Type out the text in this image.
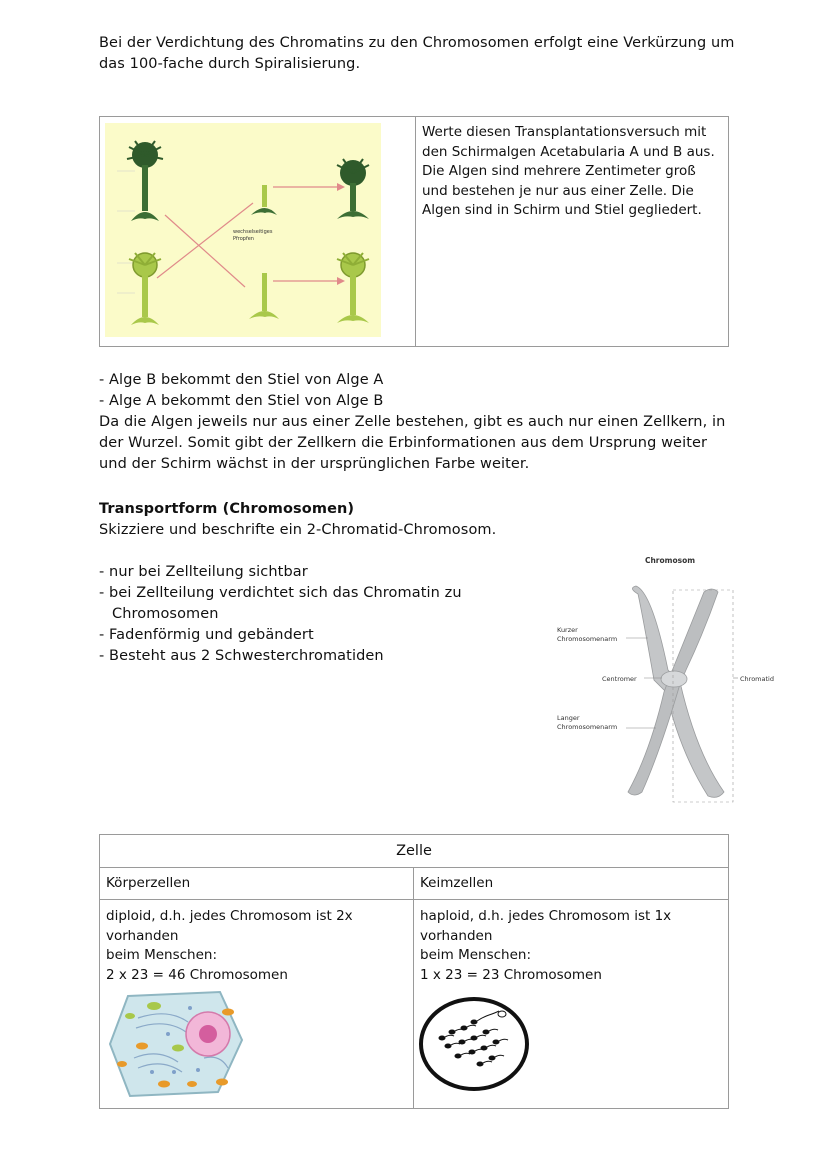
Bei der Verdichtung des Chromatins zu den Chromosomen erfolgt eine Verkürzung um das 100-fache durch Spiralisierung.
wechselseitiges
Pfropfen
Werte diesen Transplantationsversuch mit den Schirmalgen Acetabularia A und B aus. Die Algen sind mehrere Zentimeter groß und bestehen je nur aus einer Zelle. Die Algen sind in Schirm und Stiel gegliedert.
- Alge B bekommt den Stiel von Alge A
- Alge A bekommt den Stiel von Alge B
Da die Algen jeweils nur aus einer Zelle bestehen, gibt es auch nur einen Zellkern, in der Wurzel. Somit gibt der Zellkern die Erbinformationen aus dem Ursprung weiter und der Schirm wächst in der ursprünglichen Farbe weiter.
Transportform (Chromosomen)
Skizziere und beschrifte ein 2-Chromatid-Chromosom.
- nur bei Zellteilung sichtbar
- bei Zellteilung verdichtet sich das Chromatin zu
Chromosomen
- Fadenförmig und gebändert
- Besteht aus 2 Schwesterchromatiden
Chromosom
Kurzer
Chromosomenarm
Centromer	Chromatid
Langer
Chromosomenarm
Zelle
Körperzellen	Keimzellen
diploid, d.h. jedes Chromosom ist 2x
vorhanden
beim Menschen:
2 x 23 = 46 Chromosomen
haploid, d.h. jedes Chromosom ist 1x
vorhanden
beim Menschen:
1 x 23 = 23 Chromosomen
